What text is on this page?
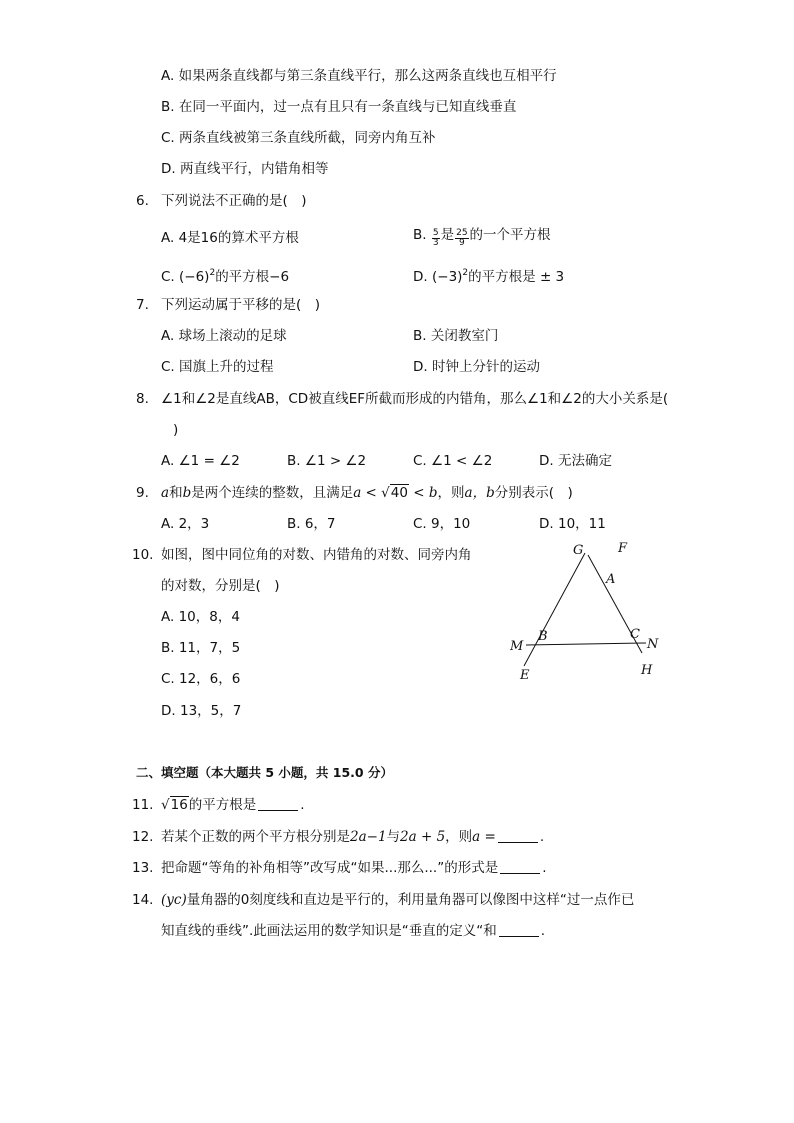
A. 如果两条直线都与第三条直线平行，那么这两条直线也互相平行
B. 在同一平面内，过一点有且只有一条直线与已知直线垂直
C. 两条直线被第三条直线所截，同旁内角互补
D. 两直线平行，内错角相等
6. 下列说法不正确的是(　)
A. 4是16的算术平方根	B. $\frac{5}{3}$ 是 $\frac{25}{9}$ 的一个平方根
C. $(-6)^2$的平方根−6	D. $(-3)^2$的平方根是 ± 3
7. 下列运动属于平移的是(　)
A. 球场上滚动的足球	B. 关闭教室门
C. 国旗上升的过程	D. 时钟上分针的运动
8. ∠1和∠2是直线AB，CD被直线EF所截而形成的内错角，那么∠1和∠2的大小关系是(
)
A. ∠1 = ∠2	B. ∠1 > ∠2	C. ∠1 < ∠2	D. 无法确定
9. a和b是两个连续的整数，且满足a < √40 < b，则a，b分别表示(　)
A. 2，3	B. 6，7	C. 9，10	D. 10，11
10. 如图，图中同位角的对数、内错角的对数、同旁内角
的对数，分别是(　)
A. 10，8，4
B. 11，7，5
C. 12，6，6
D. 13，5，7
G	F
A
B	C
M	N
E	H
二、填空题（本大题共 5 小题，共 15.0 分）
11. √16的平方根是	.
12. 若某个正数的两个平方根分别是2a−1与2a + 5，则a =	.
13. 把命题“等角的补角相等”改写成“如果...那么...”的形式是	.
14. (yc)量角器的0刻度线和直边是平行的，利用量角器可以像图中这样“过一点作已
知直线的垂线”.此画法运用的数学知识是“垂直的定义“和	.
